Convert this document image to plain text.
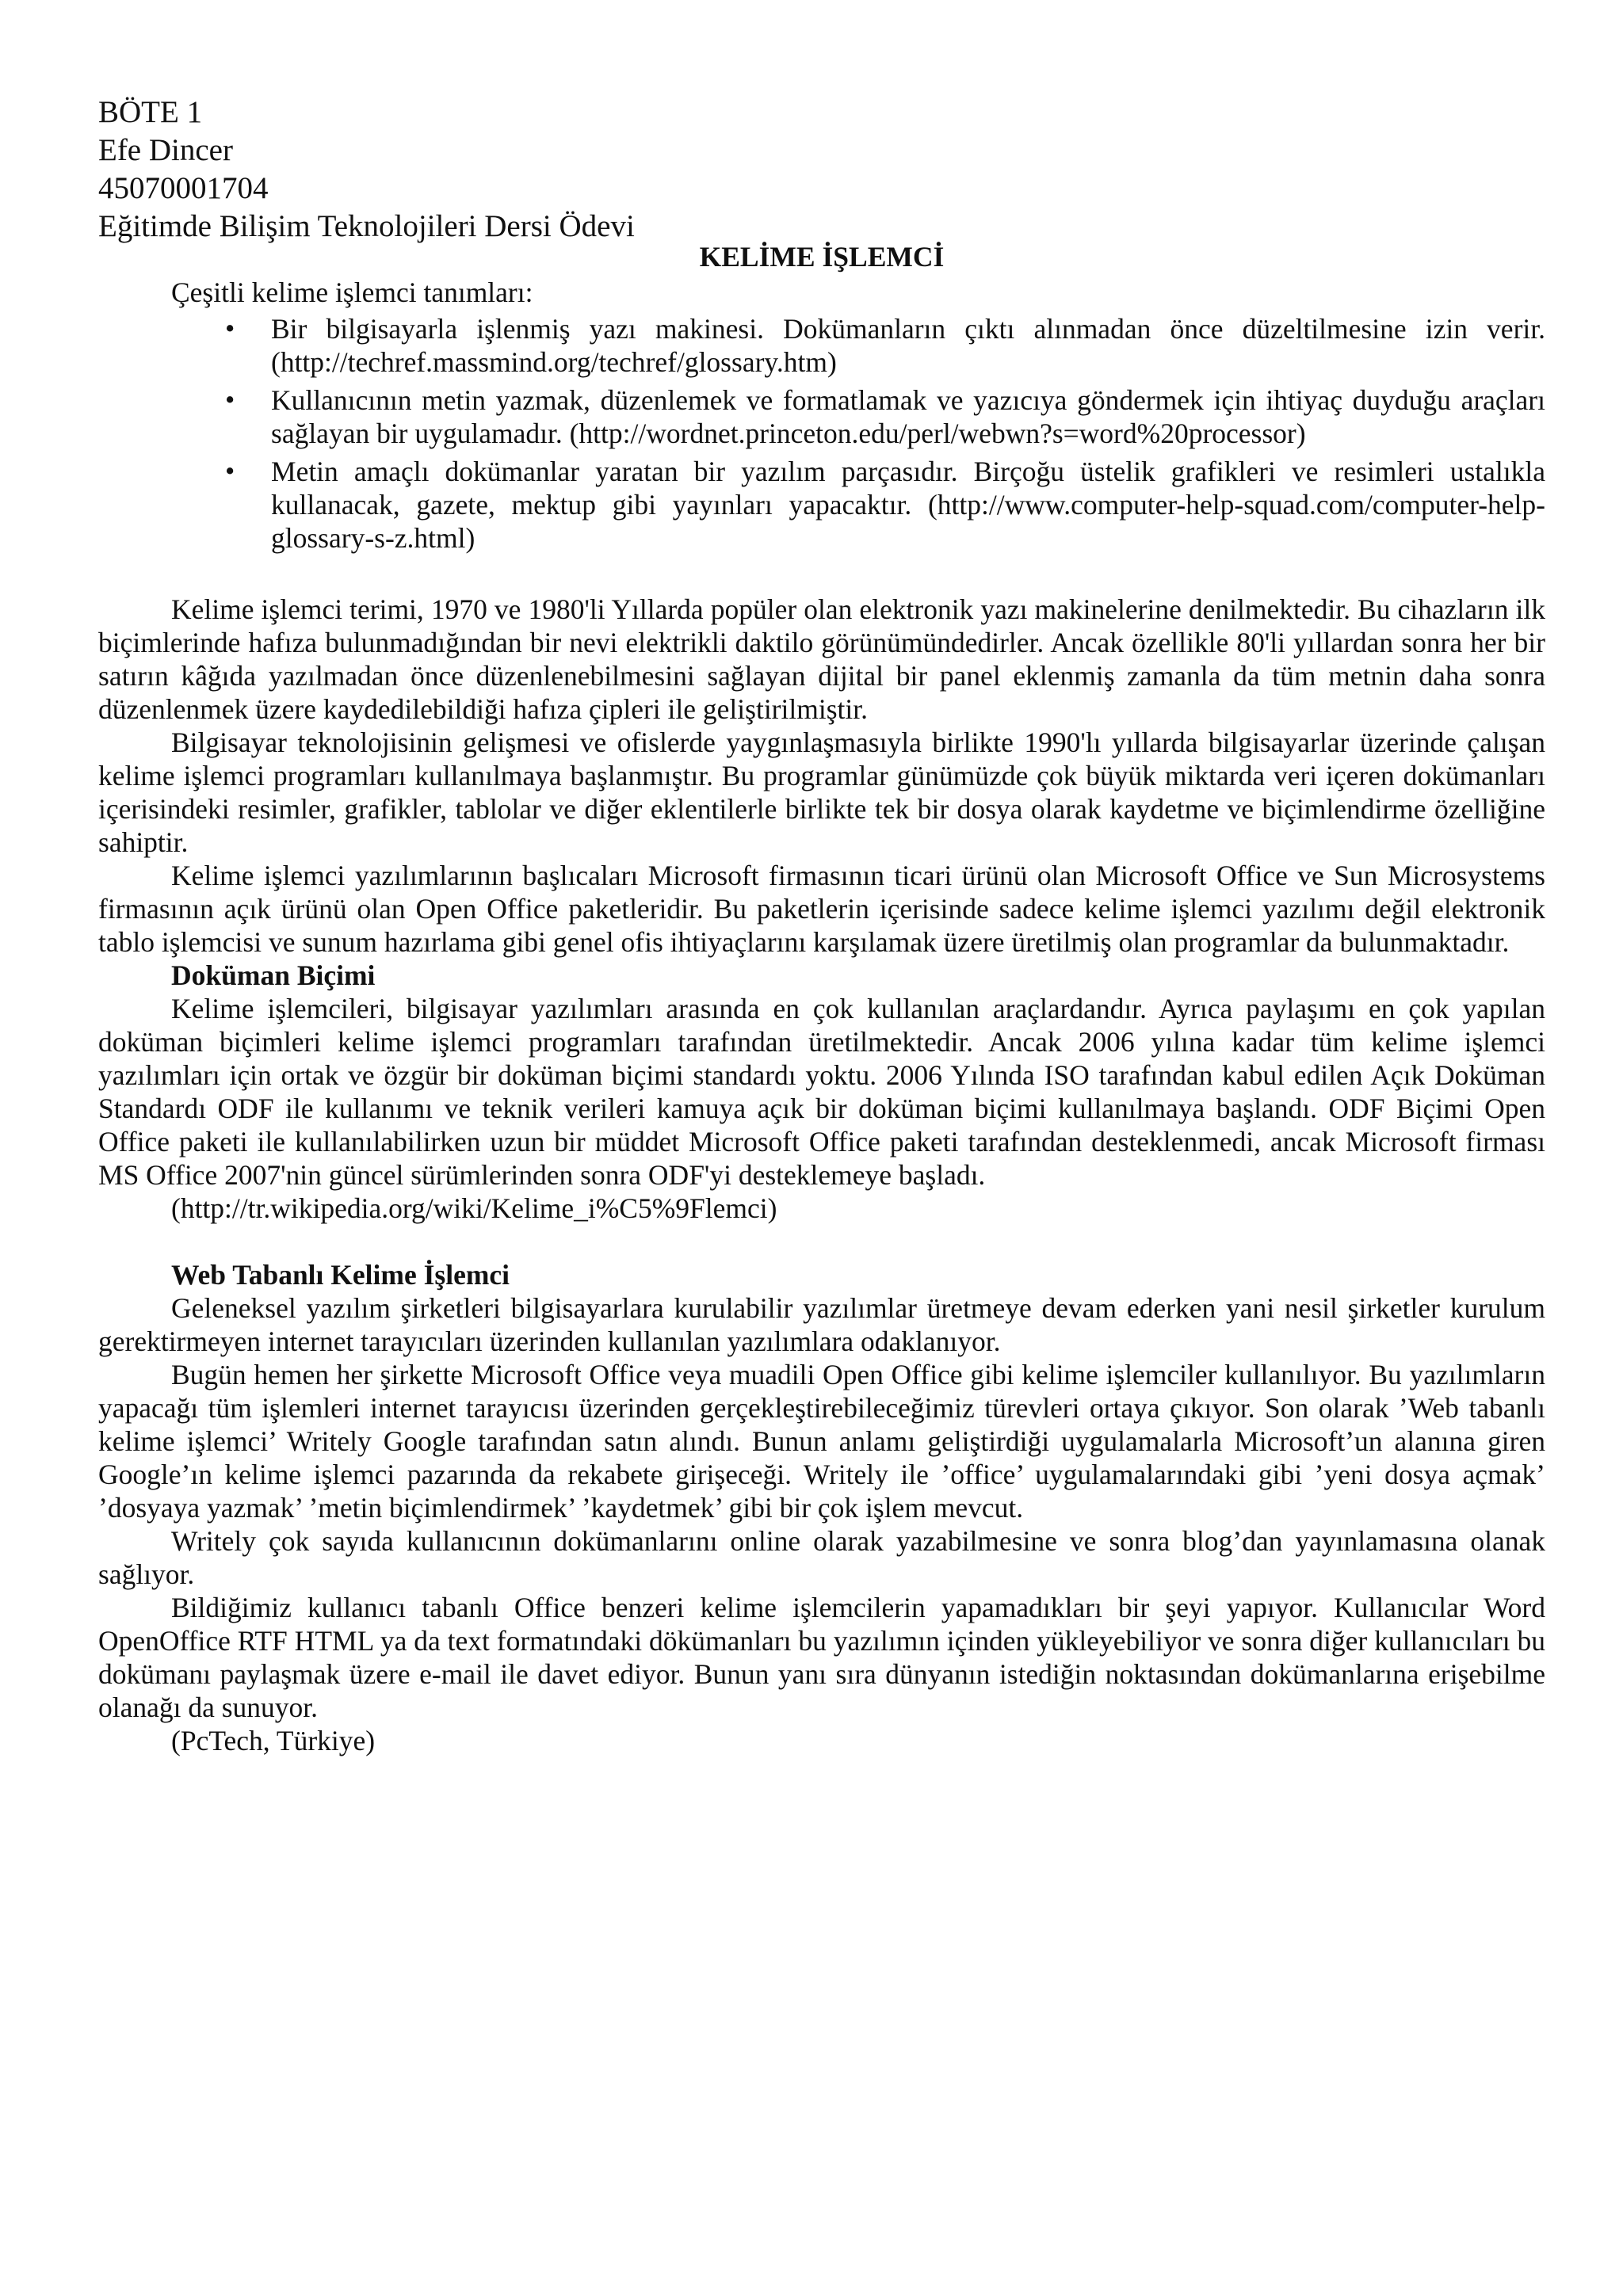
BÖTE 1
Efe Dincer
45070001704
Eğitimde Bilişim Teknolojileri Dersi Ödevi
KELİME İŞLEMCİ
Çeşitli kelime işlemci tanımları:
• Bir bilgisayarla işlenmiş yazı makinesi. Dokümanların çıktı alınmadan önce düzeltilmesine izin verir. (http://techref.massmind.org/techref/glossary.htm)
• Kullanıcının metin yazmak, düzenlemek ve formatlamak ve yazıcıya göndermek için ihtiyaç duyduğu araçları sağlayan bir uygulamadır. (http://wordnet.princeton.edu/perl/webwn?s=word%20processor)
• Metin amaçlı dokümanlar yaratan bir yazılım parçasıdır. Birçoğu üstelik grafikleri ve resimleri ustalıkla kullanacak, gazete, mektup gibi yayınları yapacaktır. (http://www.computer-help-squad.com/computer-help-glossary-s-z.html)

Kelime işlemci terimi, 1970 ve 1980'li Yıllarda popüler olan elektronik yazı makinelerine denilmektedir. Bu cihazların ilk biçimlerinde hafıza bulunmadığından bir nevi elektrikli daktilo görünümündedirler. Ancak özellikle 80'li yıllardan sonra her bir satırın kâğıda yazılmadan önce düzenlenebilmesini sağlayan dijital bir panel eklenmiş zamanla da tüm metnin daha sonra düzenlenmek üzere kaydedilebildiği hafıza çipleri ile geliştirilmiştir.

Bilgisayar teknolojisinin gelişmesi ve ofislerde yaygınlaşmasıyla birlikte 1990'lı yıllarda bilgisayarlar üzerinde çalışan kelime işlemci programları kullanılmaya başlanmıştır. Bu programlar günümüzde çok büyük miktarda veri içeren dokümanları içerisindeki resimler, grafikler, tablolar ve diğer eklentilerle birlikte tek bir dosya olarak kaydetme ve biçimlendirme özelliğine sahiptir.

Kelime işlemci yazılımlarının başlıcaları Microsoft firmasının ticari ürünü olan Microsoft Office ve Sun Microsystems firmasının açık ürünü olan Open Office paketleridir. Bu paketlerin içerisinde sadece kelime işlemci yazılımı değil elektronik tablo işlemcisi ve sunum hazırlama gibi genel ofis ihtiyaçlarını karşılamak üzere üretilmiş olan programlar da bulunmaktadır.

Doküman Biçimi

Kelime işlemcileri, bilgisayar yazılımları arasında en çok kullanılan araçlardandır. Ayrıca paylaşımı en çok yapılan doküman biçimleri kelime işlemci programları tarafından üretilmektedir. Ancak 2006 yılına kadar tüm kelime işlemci yazılımları için ortak ve özgür bir doküman biçimi standardı yoktu. 2006 Yılında ISO tarafından kabul edilen Açık Doküman Standardı ODF ile kullanımı ve teknik verileri kamuya açık bir doküman biçimi kullanılmaya başlandı. ODF Biçimi Open Office paketi ile kullanılabilirken uzun bir müddet Microsoft Office paketi tarafından desteklenmedi, ancak Microsoft firması MS Office 2007'nin güncel sürümlerinden sonra ODF'yi desteklemeye başladı.

(http://tr.wikipedia.org/wiki/Kelime_i%C5%9Flemci)
Web Tabanlı Kelime İşlemci

Geleneksel yazılım şirketleri bilgisayarlara kurulabilir yazılımlar üretmeye devam ederken yani nesil şirketler kurulum gerektirmeyen internet tarayıcıları üzerinden kullanılan yazılımlara odaklanıyor.

Bugün hemen her şirkette Microsoft Office veya muadili Open Office gibi kelime işlemciler kullanılıyor. Bu yazılımların yapacağı tüm işlemleri internet tarayıcısı üzerinden gerçekleştirebileceğimiz türevleri ortaya çıkıyor. Son olarak ’Web tabanlı kelime işlemci’ Writely Google tarafından satın alındı. Bunun anlamı geliştirdiği uygulamalarla Microsoft’un alanına giren Google’ın kelime işlemci pazarında da rekabete girişeceği. Writely ile ’office’ uygulamalarındaki gibi ’yeni dosya açmak’ ’dosyaya yazmak’ ’metin biçimlendirmek’ ’kaydetmek’ gibi bir çok işlem mevcut.

Writely çok sayıda kullanıcının dokümanlarını online olarak yazabilmesine ve sonra blog’dan yayınlamasına olanak sağlıyor.

Bildiğimiz kullanıcı tabanlı Office benzeri kelime işlemcilerin yapamadıkları bir şeyi yapıyor. Kullanıcılar Word OpenOffice RTF HTML ya da text formatındaki dökümanları bu yazılımın içinden yükleyebiliyor ve sonra diğer kullanıcıları bu dokümanı paylaşmak üzere e-mail ile davet ediyor. Bunun yanı sıra dünyanın istediğin noktasından dokümanlarına erişebilme olanağı da sunuyor.

(PcTech, Türkiye)
